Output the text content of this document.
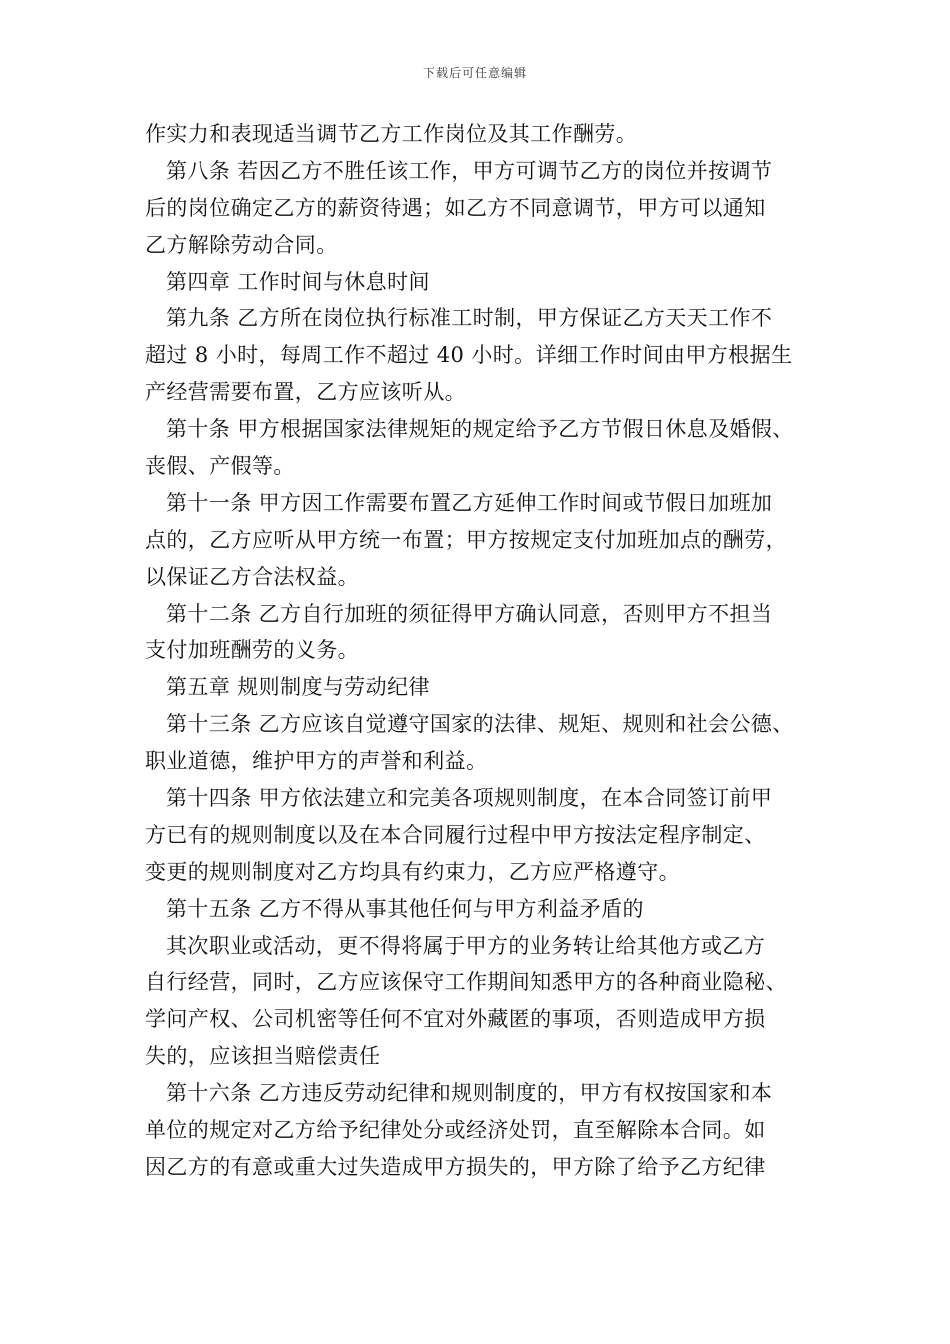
下载后可任意编辑
作实力和表现适当调节乙方工作岗位及其工作酬劳。
第八条 若因乙方不胜任该工作，甲方可调节乙方的岗位并按调节
后的岗位确定乙方的薪资待遇；如乙方不同意调节，甲方可以通知
乙方解除劳动合同。
第四章 工作时间与休息时间
第九条 乙方所在岗位执行标准工时制，甲方保证乙方天天工作不
超过 8 小时，每周工作不超过 40 小时。详细工作时间由甲方根据生
产经营需要布置，乙方应该听从。
第十条 甲方根据国家法律规矩的规定给予乙方节假日休息及婚假、
丧假、产假等。
第十一条 甲方因工作需要布置乙方延伸工作时间或节假日加班加
点的，乙方应听从甲方统一布置；甲方按规定支付加班加点的酬劳，
以保证乙方合法权益。
第十二条 乙方自行加班的须征得甲方确认同意，否则甲方不担当
支付加班酬劳的义务。
第五章 规则制度与劳动纪律
第十三条 乙方应该自觉遵守国家的法律、规矩、规则和社会公德、
职业道德，维护甲方的声誉和利益。
第十四条 甲方依法建立和完美各项规则制度，在本合同签订前甲
方已有的规则制度以及在本合同履行过程中甲方按法定程序制定、
变更的规则制度对乙方均具有约束力，乙方应严格遵守。
第十五条 乙方不得从事其他任何与甲方利益矛盾的
其次职业或活动，更不得将属于甲方的业务转让给其他方或乙方
自行经营，同时，乙方应该保守工作期间知悉甲方的各种商业隐秘、
学问产权、公司机密等任何不宜对外藏匿的事项，否则造成甲方损
失的，应该担当赔偿责任
第十六条 乙方违反劳动纪律和规则制度的，甲方有权按国家和本
单位的规定对乙方给予纪律处分或经济处罚，直至解除本合同。如
因乙方的有意或重大过失造成甲方损失的，甲方除了给予乙方纪律
